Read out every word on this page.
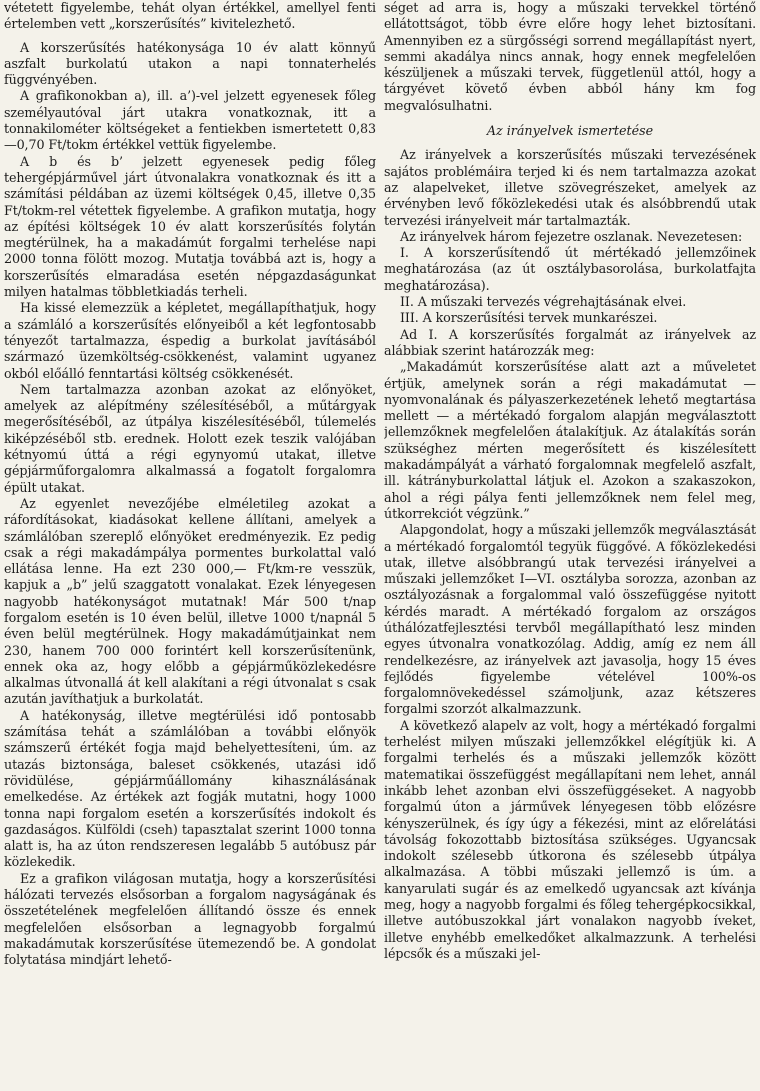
vétetett figyelembe, tehát olyan értékkel, amellyel fenti értelemben vett „korszerűsítés” kivitelezhető.

A korszerűsítés hatékonysága 10 év alatt könnyű aszfalt burkolatú utakon a napi tonnaterhelés függvényében.

A grafikonokban a), ill. a’)-vel jelzett egyenesek főleg személyautóval járt utakra vonatkoznak, itt a tonnakilométer költségeket a fentiekben ismertetett 0,83—0,70 Ft/tokm értékkel vettük figyelembe.

A b és b’ jelzett egyenesek pedig főleg tehergépjárművel járt útvonalakra vonatkoznak és itt a számítási példában az üzemi költségek 0,45, illetve 0,35 Ft/tokm-rel vétettek figyelembe. A grafikon mutatja, hogy az építési költségek 10 év alatt korszerűsítés folytán megtérülnek, ha a makadámút forgalmi terhelése napi 2000 tonna fölött mozog. Mutatja továbbá azt is, hogy a korszerűsítés elmaradása esetén népgazdaságunkat milyen hatalmas többletkiadás terheli.

Ha kissé elemezzük a képletet, megállapíthatjuk, hogy a számláló a korszerűsítés előnyeiből a két legfontosabb tényezőt tartalmazza, éspedig a burkolat javításából származó üzemköltség-csökkenést, valamint ugyanez okból előálló fenntartási költség csökkenését.

Nem tartalmazza azonban azokat az előnyöket, amelyek az alépítmény szélesítéséből, a műtárgyak megerősítéséből, az útpálya kiszélesítéséből, túlemelés kiképzéséből stb. erednek. Holott ezek teszik valójában kétnyomú úttá a régi egynyomú utakat, illetve gépjárműforgalomra alkalmassá a fogatolt forgalomra épült utakat.

Az egyenlet nevezőjébe elméletileg azokat a ráfordításokat, kiadásokat kellene állítani, amelyek a számlálóban szereplő előnyöket eredményezik. Ez pedig csak a régi makadámpálya pormentes burkolattal való ellátása lenne. Ha ezt 230 000,— Ft/km-re vesszük, kapjuk a „b” jelű szaggatott vonalakat. Ezek lényegesen nagyobb hatékonyságot mutatnak! Már 500 t/nap forgalom esetén is 10 éven belül, illetve 1000 t/napnál 5 éven belül megtérülnek. Hogy makadámútjainkat nem 230, hanem 700 000 forintért kell korszerűsítenünk, ennek oka az, hogy előbb a gépjárműközlekedésre alkalmas útvonallá át kell alakítani a régi útvonalat s csak azután javíthatjuk a burkolatát.

A hatékonyság, illetve megtérülési idő pontosabb számítása tehát a számlálóban a további előnyök számszerű értékét fogja majd behelyettesíteni, úm. az utazás biztonsága, baleset csökkenés, utazási idő rövidülése, gépjárműállomány kihasználásának emelkedése. Az értékek azt fogják mutatni, hogy 1000 tonna napi forgalom esetén a korszerűsítés indokolt és gazdaságos. Külföldi (cseh) tapasztalat szerint 1000 tonna alatt is, ha az úton rendszeresen legalább 5 autóbusz pár közlekedik.

Ez a grafikon világosan mutatja, hogy a korszerűsítési hálózati tervezés elsősorban a forgalom nagyságának és összetételének megfelelően állítandó össze és ennek megfelelően elsősorban a legnagyobb forgalmú makadámutak korszerűsítése ütemezendő be. A gondolat folytatása mindjárt lehető-

séget ad arra is, hogy a műszaki tervekkel történő ellátottságot, több évre előre hogy lehet biztosítani. Amennyiben ez a sürgősségi sorrend megállapítást nyert, semmi akadálya nincs annak, hogy ennek megfelelően készüljenek a műszaki tervek, függetlenül attól, hogy a tárgyévet követő évben abból hány km fog megvalósulhatni.

Az irányelvek ismertetése

Az irányelvek a korszerűsítés műszaki tervezésének sajátos problémáira terjed ki és nem tartalmazza azokat az alapelveket, illetve szövegrészeket, amelyek az érvényben levő főközlekedési utak és alsóbbrendű utak tervezési irányelveit már tartalmazták.

Az irányelvek három fejezetre oszlanak. Nevezetesen:

I. A korszerűsítendő út mértékadó jellemzőinek meghatározása (az út osztálybasorolása, burkolatfajta meghatározása).

II. A műszaki tervezés végrehajtásának elvei.

III. A korszerűsítési tervek munkarészei.

Ad I. A korszerűsítés forgalmát az irányelvek az alábbiak szerint határozzák meg:

„Makadámút korszerűsítése alatt azt a műveletet értjük, amelynek során a régi makadámutat — nyomvonalának és pályaszerkezetének lehető megtartása mellett — a mértékadó forgalom alapján megválasztott jellemzőknek megfelelően átalakítjuk. Az átalakítás során szükséghez mérten megerősített és kiszélesített makadámpályát a várható forgalomnak megfelelő aszfalt, ill. kátrányburkolattal látjuk el. Azokon a szakaszokon, ahol a régi pálya fenti jellemzőknek nem felel meg, útkorrekciót végzünk.”

Alapgondolat, hogy a műszaki jellemzők megválasztását a mértékadó forgalomtól tegyük függővé. A főközlekedési utak, illetve alsóbbrangú utak tervezési irányelvei a műszaki jellemzőket I—VI. osztályba sorozza, azonban az osztályozásnak a forgalommal való összefüggése nyitott kérdés maradt. A mértékadó forgalom az országos úthálózatfejlesztési tervből megállapítható lesz minden egyes útvonalra vonatkozólag. Addig, amíg ez nem áll rendelkezésre, az irányelvek azt javasolja, hogy 15 éves fejlődés figyelembe vételével 100%-os forgalomnövekedéssel számoljunk, azaz kétszeres forgalmi szorzót alkalmazzunk.

A következő alapelv az volt, hogy a mértékadó forgalmi terhelést milyen műszaki jellemzőkkel elégítjük ki. A forgalmi terhelés és a műszaki jellemzők között matematikai összefüggést megállapítani nem lehet, annál inkább lehet azonban elvi összefüggéseket. A nagyobb forgalmú úton a járművek lényegesen több előzésre kényszerülnek, és így úgy a fékezési, mint az előrelátási távolság fokozottabb biztosítása szükséges. Ugyancsak indokolt szélesebb útkorona és szélesebb útpálya alkalmazása. A többi műszaki jellemző is úm. a kanyarulati sugár és az emelkedő ugyancsak azt kívánja meg, hogy a nagyobb forgalmi és főleg tehergépkocsikkal, illetve autóbuszokkal járt vonalakon nagyobb íveket, illetve enyhébb emelkedőket alkalmazzunk. A terhelési lépcsők és a műszaki jel-
